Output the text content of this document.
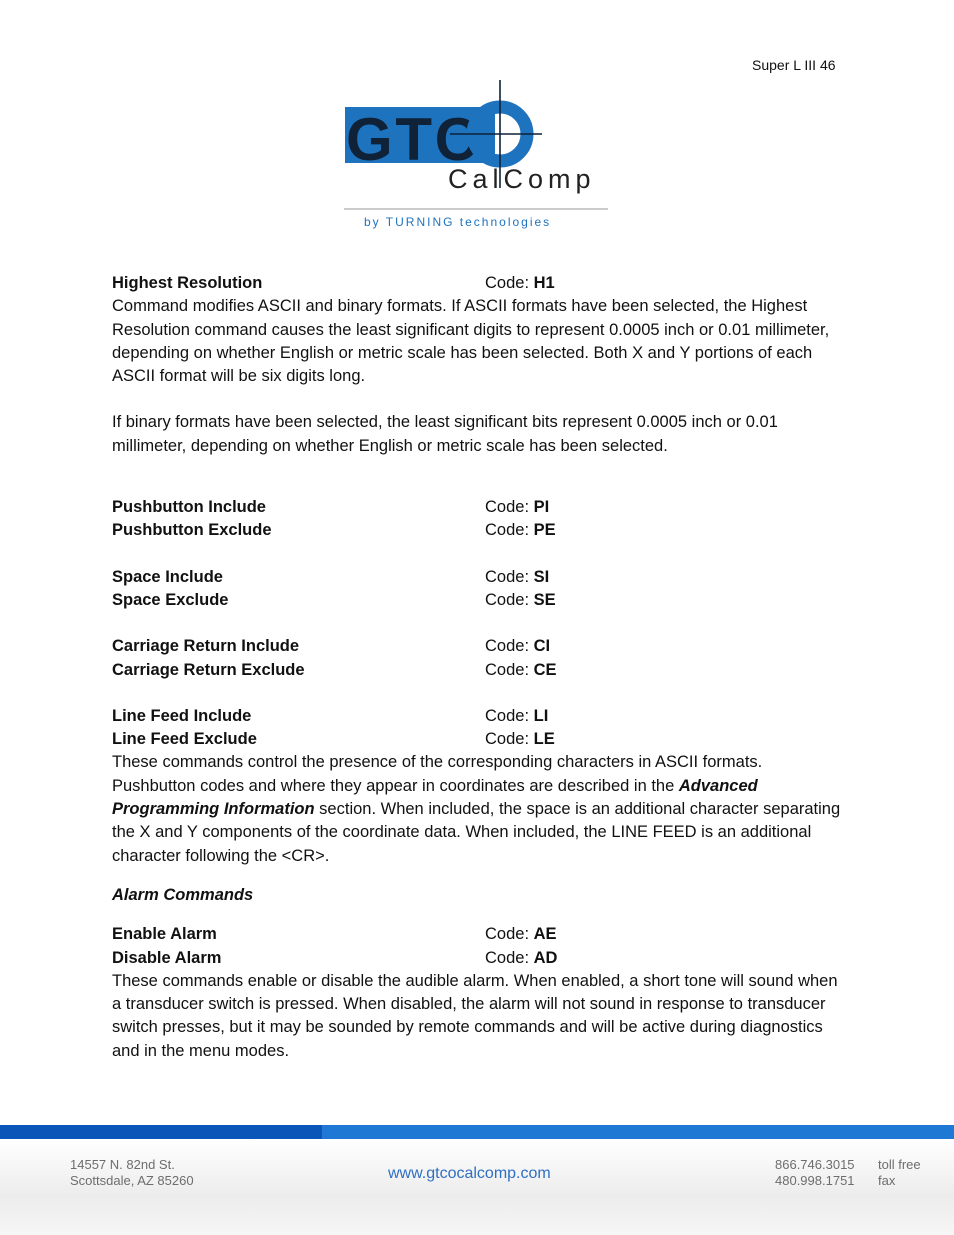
Super L III 46
GTC
CalComp
by TURNING technologies
Highest Resolution	Code: H1

Command modifies ASCII and binary formats. If ASCII formats have been selected, the Highest Resolution command causes the least significant digits to represent 0.0005 inch or 0.01 millimeter, depending on whether English or metric scale has been selected. Both X and Y portions of each ASCII format will be six digits long.

If binary formats have been selected, the least significant bits represent 0.0005 inch or 0.01 millimeter, depending on whether English or metric scale has been selected.

Pushbutton Include	Code: PI
Pushbutton Exclude	Code: PE
Space Include	Code: SI
Space Exclude	Code: SE
Carriage Return Include	Code: CI
Carriage Return Exclude	Code: CE
Line Feed Include	Code: LI
Line Feed Exclude	Code: LE

These commands control the presence of the corresponding characters in ASCII formats. Pushbutton codes and where they appear in coordinates are described in the Advanced Programming Information section. When included, the space is an additional character separating the X and Y components of the coordinate data. When included, the LINE FEED is an additional character following the <CR>.

Alarm Commands
Enable Alarm	Code: AE
Disable Alarm	Code: AD

These commands enable or disable the audible alarm. When enabled, a short tone will sound when a transducer switch is pressed. When disabled, the alarm will not sound in response to transducer switch presses, but it may be sounded by remote commands and will be active during diagnostics and in the menu modes.

14557 N. 82nd St.
Scottsdale, AZ 85260	www.gtcocalcomp.com
866.746.3015
480.998.1751
toll free
fax
